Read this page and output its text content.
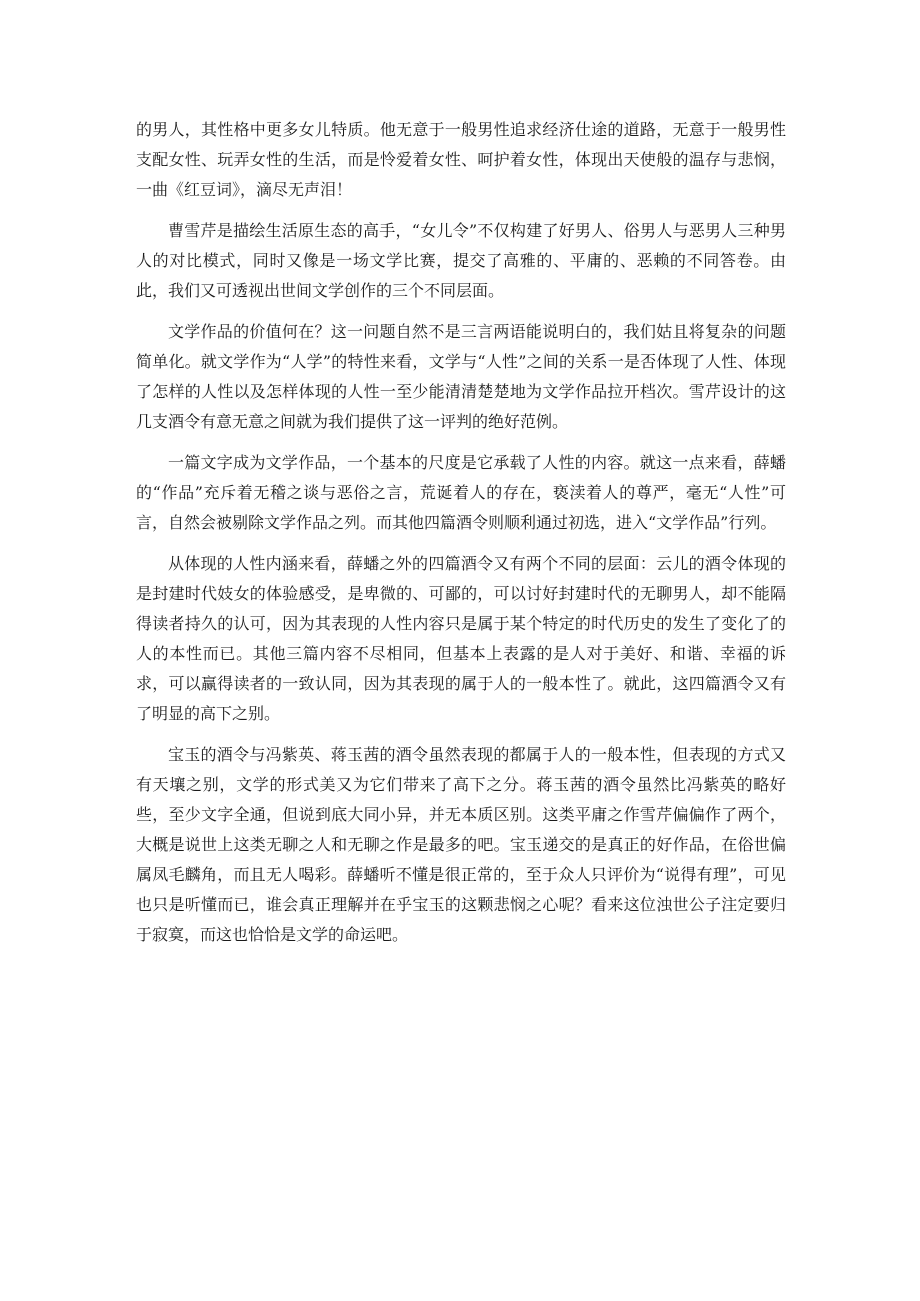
的男人，其性格中更多女儿特质。他无意于一般男性追求经济仕途的道路，无意于一般男性支配女性、玩弄女性的生活，而是怜爱着女性、呵护着女性，体现出天使般的温存与悲悯，一曲《红豆词》，滴尽无声泪！

曹雪芹是描绘生活原生态的高手，“女儿令”不仅构建了好男人、俗男人与恶男人三种男人的对比模式，同时又像是一场文学比赛，提交了高雅的、平庸的、恶赖的不同答卷。由此，我们又可透视出世间文学创作的三个不同层面。

文学作品的价值何在？这一问题自然不是三言两语能说明白的，我们姑且将复杂的问题简单化。就文学作为“人学”的特性来看，文学与“人性”之间的关系一是否体现了人性、体现了怎样的人性以及怎样体现的人性一至少能清清楚楚地为文学作品拉开档次。雪芹设计的这几支酒令有意无意之间就为我们提供了这一评判的绝好范例。

一篇文字成为文学作品，一个基本的尺度是它承载了人性的内容。就这一点来看，薛蟠的“作品”充斥着无稽之谈与恶俗之言，荒诞着人的存在，亵渎着人的尊严，毫无“人性”可言，自然会被剔除文学作品之列。而其他四篇酒令则顺利通过初选，进入“文学作品”行列。

从体现的人性内涵来看，薛蟠之外的四篇酒令又有两个不同的层面：云儿的酒令体现的是封建时代妓女的体验感受，是卑微的、可鄙的，可以讨好封建时代的无聊男人，却不能隔得读者持久的认可，因为其表现的人性内容只是属于某个特定的时代历史的发生了变化了的人的本性而已。其他三篇内容不尽相同，但基本上表露的是人对于美好、和谐、幸福的诉求，可以赢得读者的一致认同，因为其表现的属于人的一般本性了。就此，这四篇酒令又有了明显的高下之别。

宝玉的酒令与冯紫英、蒋玉茜的酒令虽然表现的都属于人的一般本性，但表现的方式又有天壤之别，文学的形式美又为它们带来了高下之分。蒋玉茜的酒令虽然比冯紫英的略好些，至少文字全通，但说到底大同小异，并无本质区别。这类平庸之作雪芹偏偏作了两个，大概是说世上这类无聊之人和无聊之作是最多的吧。宝玉递交的是真正的好作品，在俗世偏属凤毛麟角，而且无人喝彩。薛蟠听不懂是很正常的，至于众人只评价为“说得有理”，可见也只是听懂而已，谁会真正理解并在乎宝玉的这颗悲悯之心呢？看来这位浊世公子注定要归于寂寞，而这也恰恰是文学的命运吧。
